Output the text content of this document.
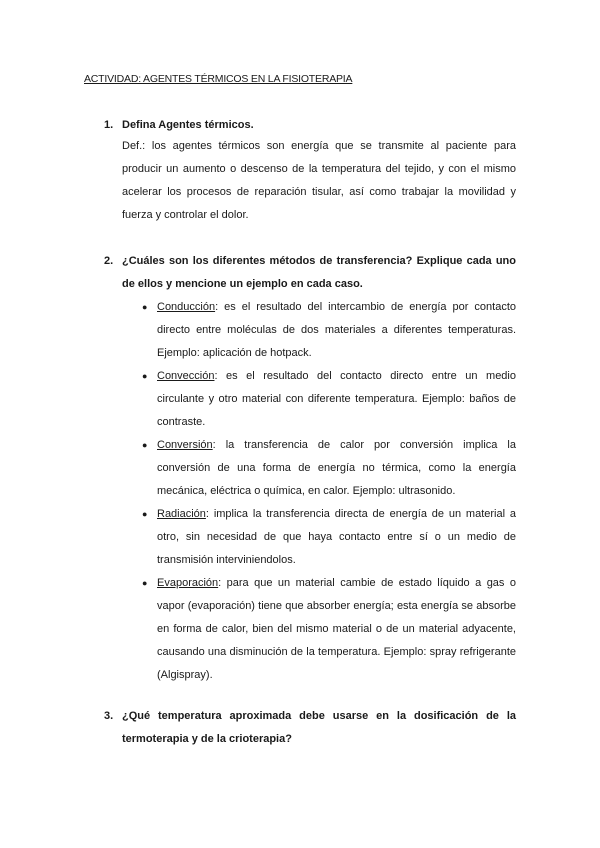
ACTIVIDAD: AGENTES TÉRMICOS EN LA FISIOTERAPIA
1. Defina Agentes térmicos.
Def.: los agentes térmicos son energía que se transmite al paciente para producir un aumento o descenso de la temperatura del tejido, y con el mismo acelerar los procesos de reparación tisular, así como trabajar la movilidad y fuerza y controlar el dolor.
2. ¿Cuáles son los diferentes métodos de transferencia? Explique cada uno de ellos y mencione un ejemplo en cada caso.
● Conducción: es el resultado del intercambio de energía por contacto directo entre moléculas de dos materiales a diferentes temperaturas. Ejemplo: aplicación de hotpack.
● Convección: es el resultado del contacto directo entre un medio circulante y otro material con diferente temperatura. Ejemplo: baños de contraste.
● Conversión: la transferencia de calor por conversión implica la conversión de una forma de energía no térmica, como la energía mecánica, eléctrica o química, en calor. Ejemplo: ultrasonido.
● Radiación: implica la transferencia directa de energía de un material a otro, sin necesidad de que haya contacto entre sí o un medio de transmisión interviniendolos.
● Evaporación: para que un material cambie de estado líquido a gas o vapor (evaporación) tiene que absorber energía; esta energía se absorbe en forma de calor, bien del mismo material o de un material adyacente, causando una disminución de la temperatura. Ejemplo: spray refrigerante (Algispray).
3. ¿Qué temperatura aproximada debe usarse en la dosificación de la termoterapia y de la crioterapia?
